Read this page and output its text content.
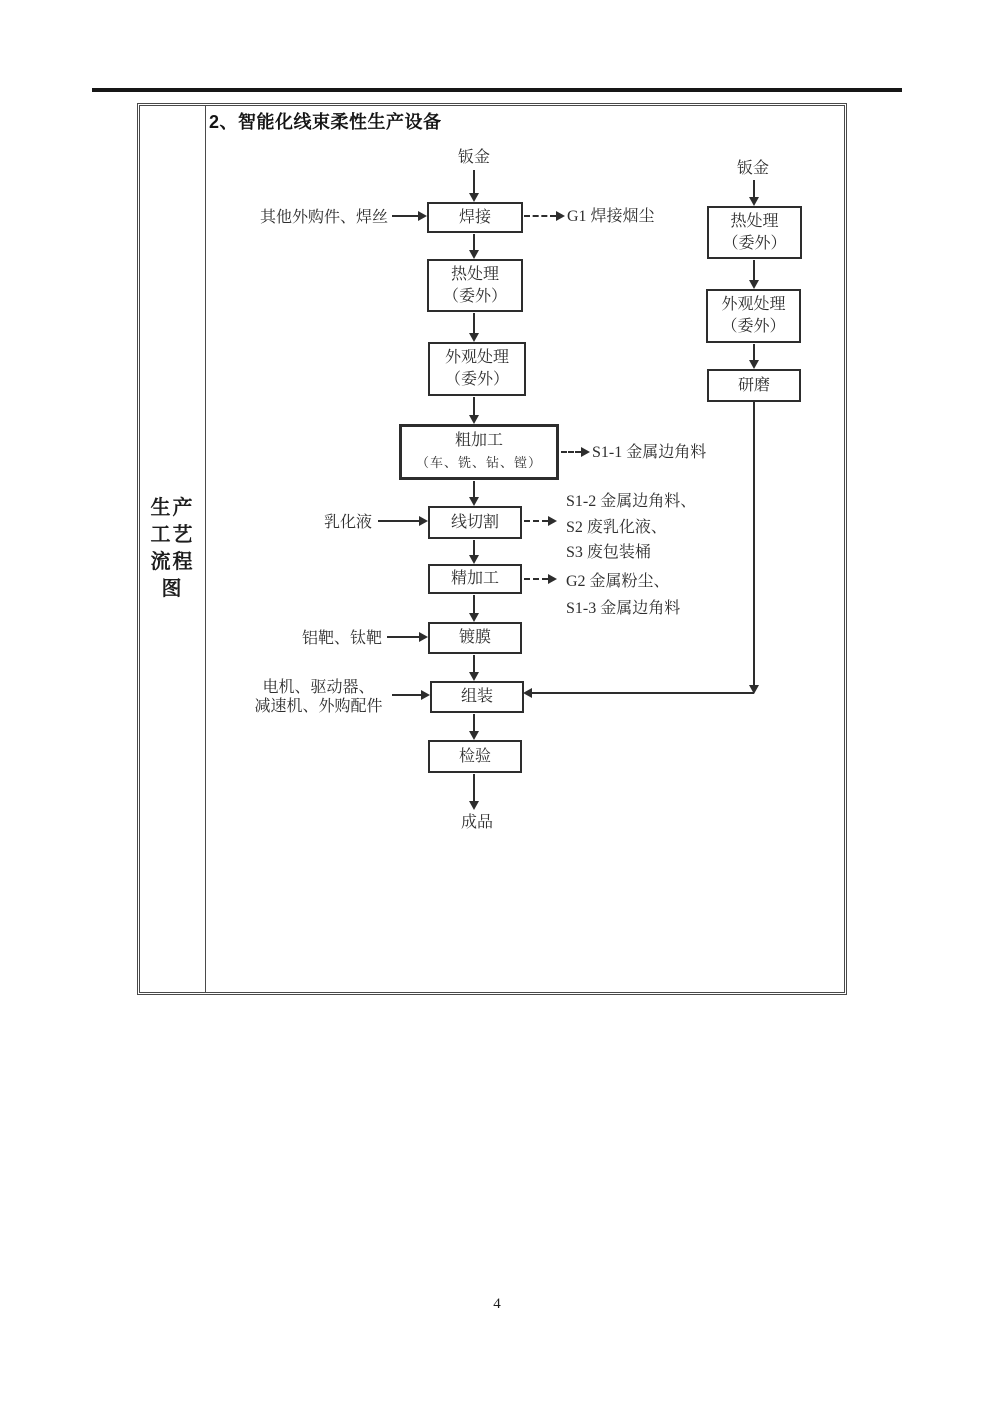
生产
工艺
流程
图
2、智能化线束柔性生产设备
钣金
焊接
热处理
（委外）
外观处理
（委外）
粗加工
（车、铣、钻、镗）
线切割
精加工
镀膜
组装
检验
成品
其他外购件、焊丝
乳化液
铝靶、钛靶
电机、驱动器、
减速机、外购配件
G1 焊接烟尘
S1-1 金属边角料
S1-2 金属边角料、
S2 废乳化液、
S3 废包装桶
G2 金属粉尘、
S1-3 金属边角料
钣金
热处理
（委外）
外观处理
（委外）
研磨
4
